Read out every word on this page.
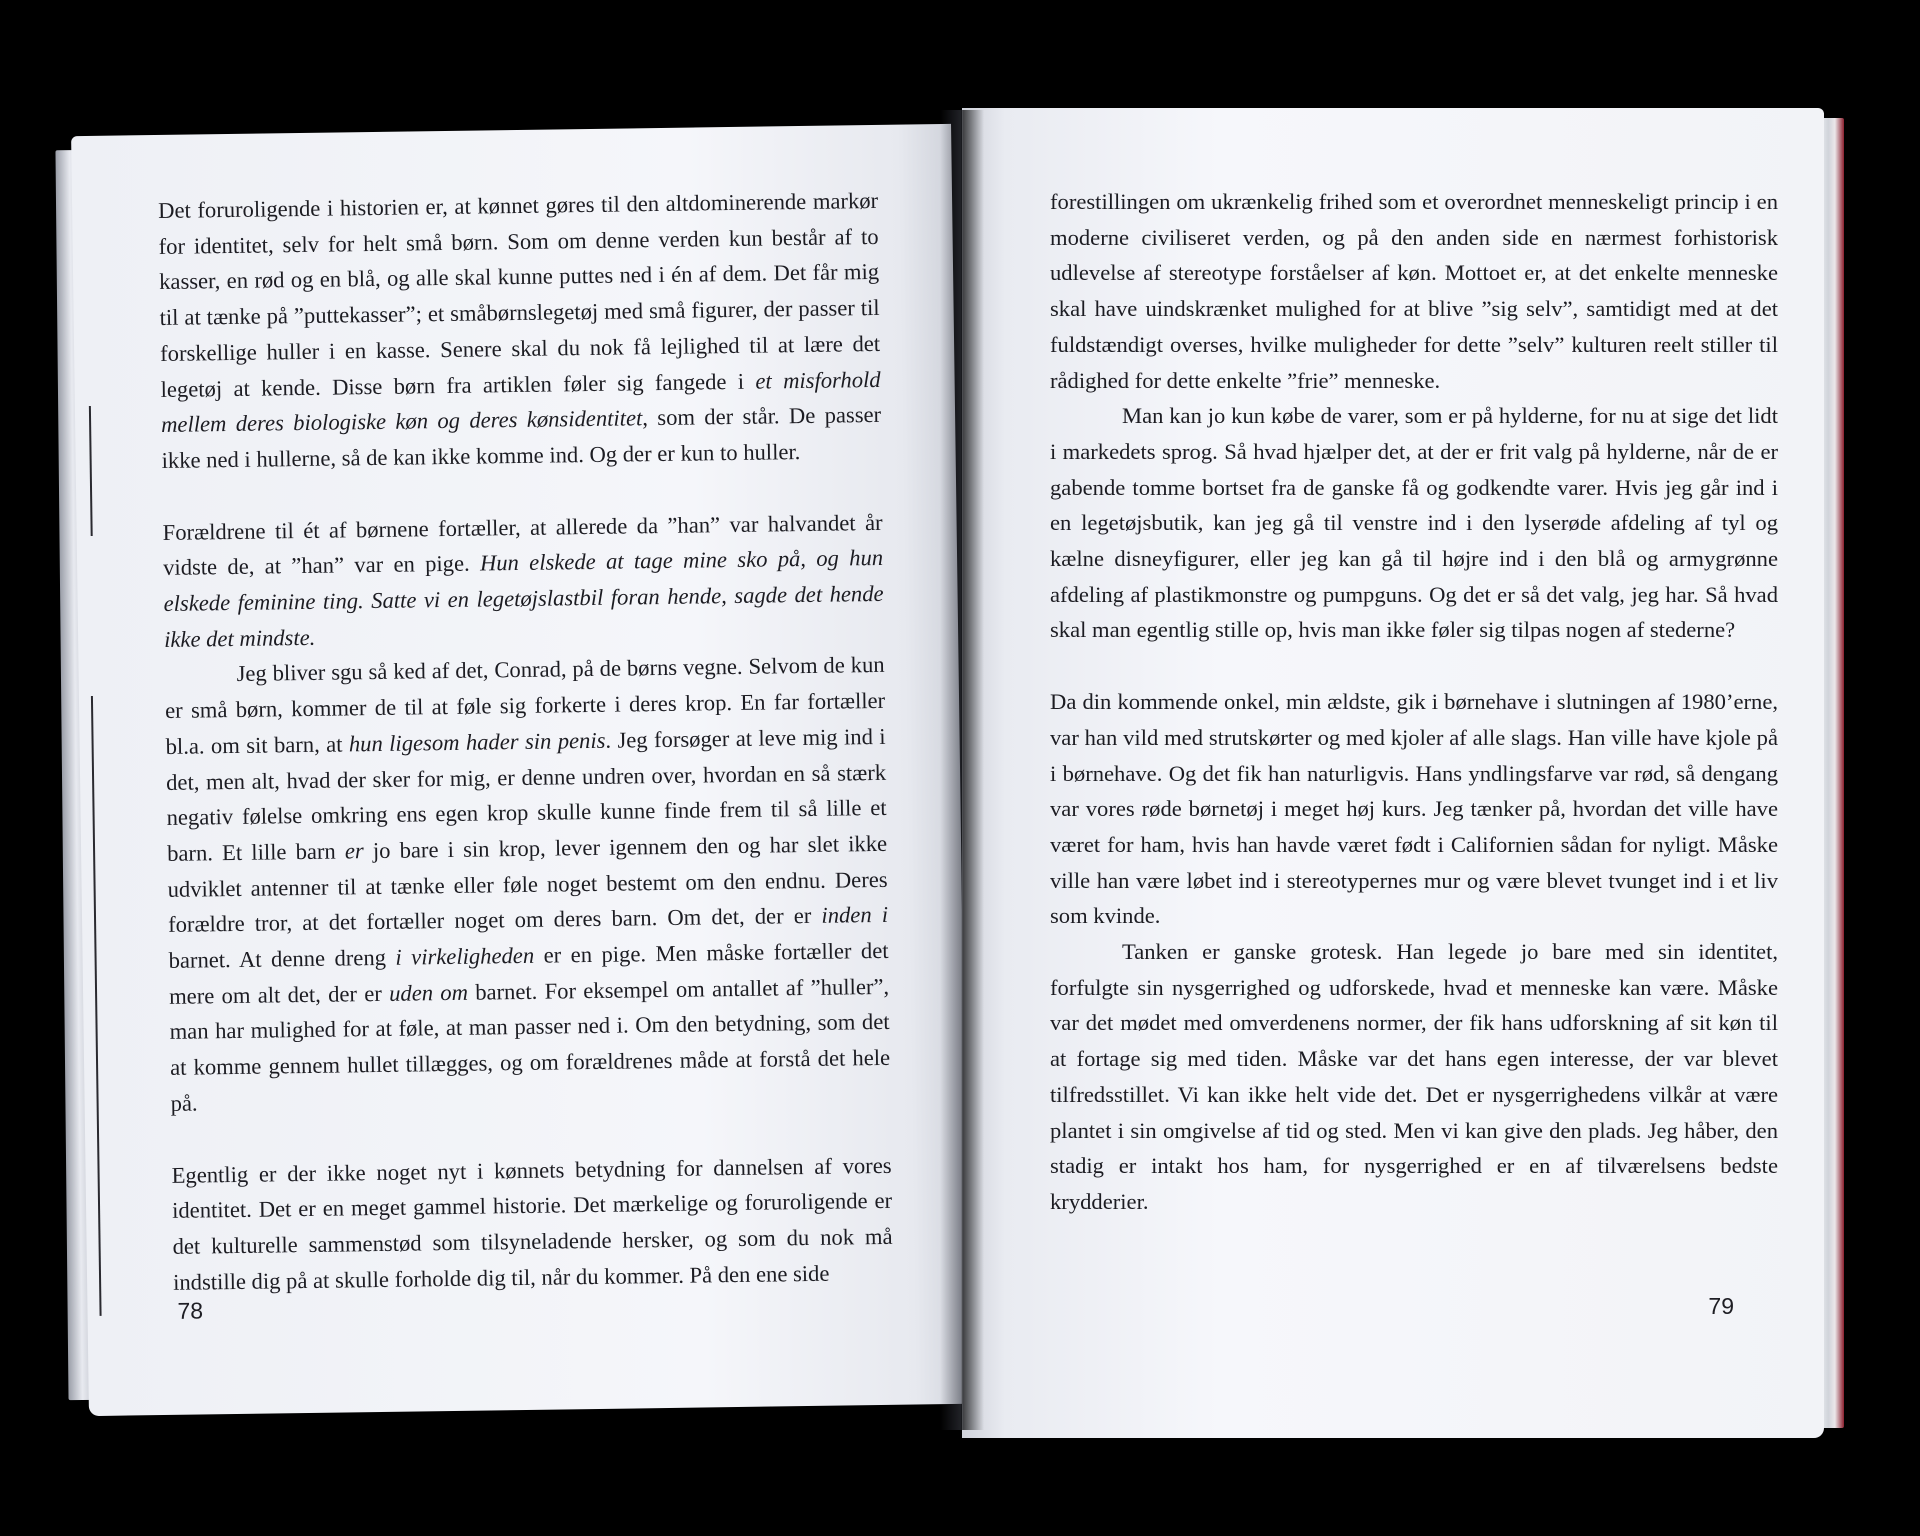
Det foruroligende i historien er, at kønnet gøres til den altdominerende markør for identitet, selv for helt små børn. Som om denne verden kun består af to kasser, en rød og en blå, og alle skal kunne puttes ned i én af dem. Det får mig til at tænke på ”puttekasser”; et småbørnslegetøj med små figurer, der passer til forskellige huller i en kasse. Senere skal du nok få lejlighed til at lære det legetøj at kende. Disse børn fra artiklen føler sig fangede i et misforhold mellem deres biologiske køn og deres kønsidentitet, som der står. De passer ikke ned i hullerne, så de kan ikke komme ind. Og der er kun to huller.

Forældrene til ét af børnene fortæller, at allerede da ”han” var halvandet år vidste de, at ”han” var en pige. Hun elskede at tage mine sko på, og hun elskede feminine ting. Satte vi en legetøjslastbil foran hende, sagde det hende ikke det mindste.

Jeg bliver sgu så ked af det, Conrad, på de børns vegne. Selvom de kun er små børn, kommer de til at føle sig forkerte i deres krop. En far fortæller bl.a. om sit barn, at hun ligesom hader sin penis. Jeg forsøger at leve mig ind i det, men alt, hvad der sker for mig, er denne undren over, hvordan en så stærk negativ følelse omkring ens egen krop skulle kunne finde frem til så lille et barn. Et lille barn er jo bare i sin krop, lever igennem den og har slet ikke udviklet antenner til at tænke eller føle noget bestemt om den endnu. Deres forældre tror, at det fortæller noget om deres barn. Om det, der er inden i barnet. At denne dreng i virkeligheden er en pige. Men måske fortæller det mere om alt det, der er uden om barnet. For eksempel om antallet af ”huller”, man har mulighed for at føle, at man passer ned i. Om den betydning, som det at komme gennem hullet tillægges, og om forældrenes måde at forstå det hele på.

Egentlig er der ikke noget nyt i kønnets betydning for dannelsen af vores identitet. Det er en meget gammel historie. Det mærkelige og foruroligende er det kulturelle sammenstød som tilsyneladende hersker, og som du nok må indstille dig på at skulle forholde dig til, når du kommer. På den ene side

78

forestillingen om ukrænkelig frihed som et overordnet menneskeligt princip i en moderne civiliseret verden, og på den anden side en nærmest forhistorisk udlevelse af stereotype forståelser af køn. Mottoet er, at det enkelte menneske skal have uindskrænket mulighed for at blive ”sig selv”, samtidigt med at det fuldstændigt overses, hvilke muligheder for dette ”selv” kulturen reelt stiller til rådighed for dette enkelte ”frie” menneske.

Man kan jo kun købe de varer, som er på hylderne, for nu at sige det lidt i markedets sprog. Så hvad hjælper det, at der er frit valg på hylderne, når de er gabende tomme bortset fra de ganske få og godkendte varer. Hvis jeg går ind i en legetøjsbutik, kan jeg gå til venstre ind i den lyserøde afdeling af tyl og kælne disneyfigurer, eller jeg kan gå til højre ind i den blå og armygrønne afdeling af plastikmonstre og pumpguns. Og det er så det valg, jeg har. Så hvad skal man egentlig stille op, hvis man ikke føler sig tilpas nogen af stederne?

Da din kommende onkel, min ældste, gik i børnehave i slutningen af 1980’erne, var han vild med strutskørter og med kjoler af alle slags. Han ville have kjole på i børnehave. Og det fik han naturligvis. Hans yndlingsfarve var rød, så dengang var vores røde børnetøj i meget høj kurs. Jeg tænker på, hvordan det ville have været for ham, hvis han havde været født i Californien sådan for nyligt. Måske ville han være løbet ind i stereotypernes mur og være blevet tvunget ind i et liv som kvinde.

Tanken er ganske grotesk. Han legede jo bare med sin identitet, forfulgte sin nysgerrighed og udforskede, hvad et menneske kan være. Måske var det mødet med omverdenens normer, der fik hans udforskning af sit køn til at fortage sig med tiden. Måske var det hans egen interesse, der var blevet tilfredsstillet. Vi kan ikke helt vide det. Det er nysgerrighedens vilkår at være plantet i sin omgivelse af tid og sted. Men vi kan give den plads. Jeg håber, den stadig er intakt hos ham, for nysgerrighed er en af tilværelsens bedste krydderier.

79
